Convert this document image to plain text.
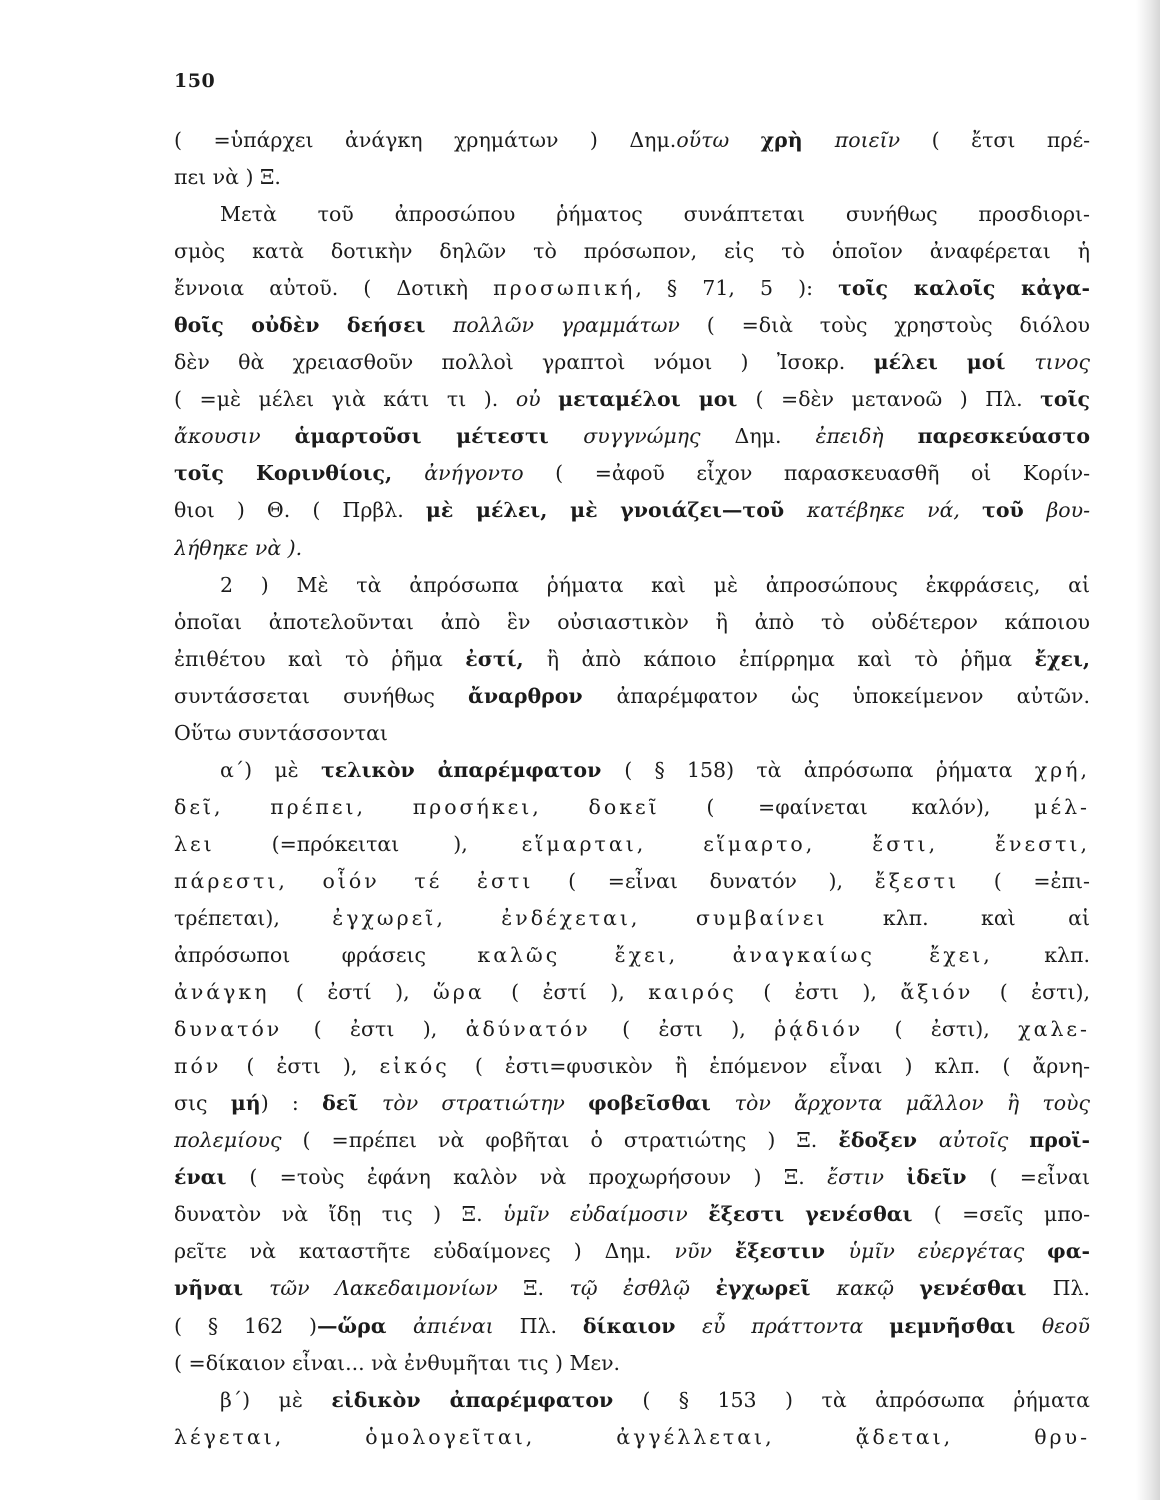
150
( =ὑπάρχει ἀνάγκη χρημάτων ) Δημ.οὕτω χρὴ ποιεῖν ( ἔτσι πρέ-
πει νὰ ) Ξ.
Μετὰ τοῦ ἀπροσώπου ῥήματος συνάπτεται συνήθως προσδιορι-
σμὸς κατὰ δοτικὴν δηλῶν τὸ πρόσωπον, εἰς τὸ ὁποῖον ἀναφέρεται ἡ
ἔννοια αὐτοῦ. ( Δοτικὴ προσωπική, § 71, 5 ): τοῖς καλοῖς κἀγα-
θοῖς οὐδὲν δεήσει πολλῶν γραμμάτων ( =διὰ τοὺς χρηστοὺς διόλου
δὲν θὰ χρειασθοῦν πολλοὶ γραπτοὶ νόμοι ) Ἰσοκρ. μέλει μοί τινος
( =μὲ μέλει γιὰ κάτι τι ). οὐ μεταμέλοι μοι ( =δὲν μετανοῶ ) Πλ. τοῖς
ἄκουσιν ἁμαρτοῦσι μέτεστι συγγνώμης Δημ. ἐπειδὴ παρεσκεύαστο
τοῖς Κορινθίοις, ἀνήγοντο ( =ἀφοῦ εἶχον παρασκευασθῆ οἱ Κορίν-
θιοι ) Θ. ( Πρβλ. μὲ μέλει, μὲ γνοιάζει—τοῦ κατέβηκε νά, τοῦ βου-
λήθηκε νὰ ).
2 ) Μὲ τὰ ἀπρόσωπα ῥήματα καὶ μὲ ἀπροσώπους ἐκφράσεις, αἱ
ὁποῖαι ἀποτελοῦνται ἀπὸ ἓν οὐσιαστικὸν ἢ ἀπὸ τὸ οὐδέτερον κάποιου
ἐπιθέτου καὶ τὸ ῥῆμα ἐστί, ἢ ἀπὸ κάποιο ἐπίρρημα καὶ τὸ ῥῆμα ἔχει,
συντάσσεται συνήθως ἄναρθρον ἀπαρέμφατον ὡς ὑποκείμενον αὐτῶν.
Οὕτω συντάσσονται
α΄) μὲ τελικὸν ἀπαρέμφατον ( § 158) τὰ ἀπρόσωπα ῥήματα χρή,
δεῖ, πρέπει, προσήκει, δοκεῖ ( =φαίνεται καλόν), μέλ-
λει (=πρόκειται ), εἵμαρται, εἵμαρτο, ἔστι, ἔνεστι,
πάρεστι, οἷόν τέ ἐστι ( =εἶναι δυνατόν ), ἔξεστι ( =ἐπι-
τρέπεται), ἐγχωρεῖ, ἐνδέχεται, συμβαίνει κλπ. καὶ αἱ
ἀπρόσωποι φράσεις καλῶς ἔχει, ἀναγκαίως ἔχει, κλπ.
ἀνάγκη ( ἐστί ), ὥρα ( ἐστί ), καιρός ( ἐστι ), ἄξιόν ( ἐστι),
δυνατόν ( ἐστι ), ἀδύνατόν ( ἐστι ), ῥᾴδιόν ( ἐστι), χαλε-
πόν ( ἐστι ), εἰκός ( ἐστι=φυσικὸν ἢ ἑπόμενον εἶναι ) κλπ. ( ἄρνη-
σις μή) : δεῖ τὸν στρατιώτην φοβεῖσθαι τὸν ἄρχοντα μᾶλλον ἢ τοὺς
πολεμίους ( =πρέπει νὰ φοβῆται ὁ στρατιώτης ) Ξ. ἔδοξεν αὐτοῖς προϊ-
έναι ( =τοὺς ἐφάνη καλὸν νὰ προχωρήσουν ) Ξ. ἔστιν ἰδεῖν ( =εἶναι
δυνατὸν νὰ ἴδῃ τις ) Ξ. ὑμῖν εὐδαίμοσιν ἔξεστι γενέσθαι ( =σεῖς μπο-
ρεῖτε νὰ καταστῆτε εὐδαίμονες ) Δημ. νῦν ἔξεστιν ὑμῖν εὐεργέτας φα-
νῆναι τῶν Λακεδαιμονίων Ξ. τῷ ἐσθλῷ ἐγχωρεῖ κακῷ γενέσθαι Πλ.
( § 162 )—ὥρα ἀπιέναι Πλ. δίκαιον εὖ πράττοντα μεμνῆσθαι θεοῦ
( =δίκαιον εἶναι... νὰ ἐνθυμῆται τις ) Μεν.
β΄) μὲ εἰδικὸν ἀπαρέμφατον ( § 153 ) τὰ ἀπρόσωπα ῥήματα
λέγεται, ὁμολογεῖται, ἀγγέλλεται, ᾄδεται, θρυ-
